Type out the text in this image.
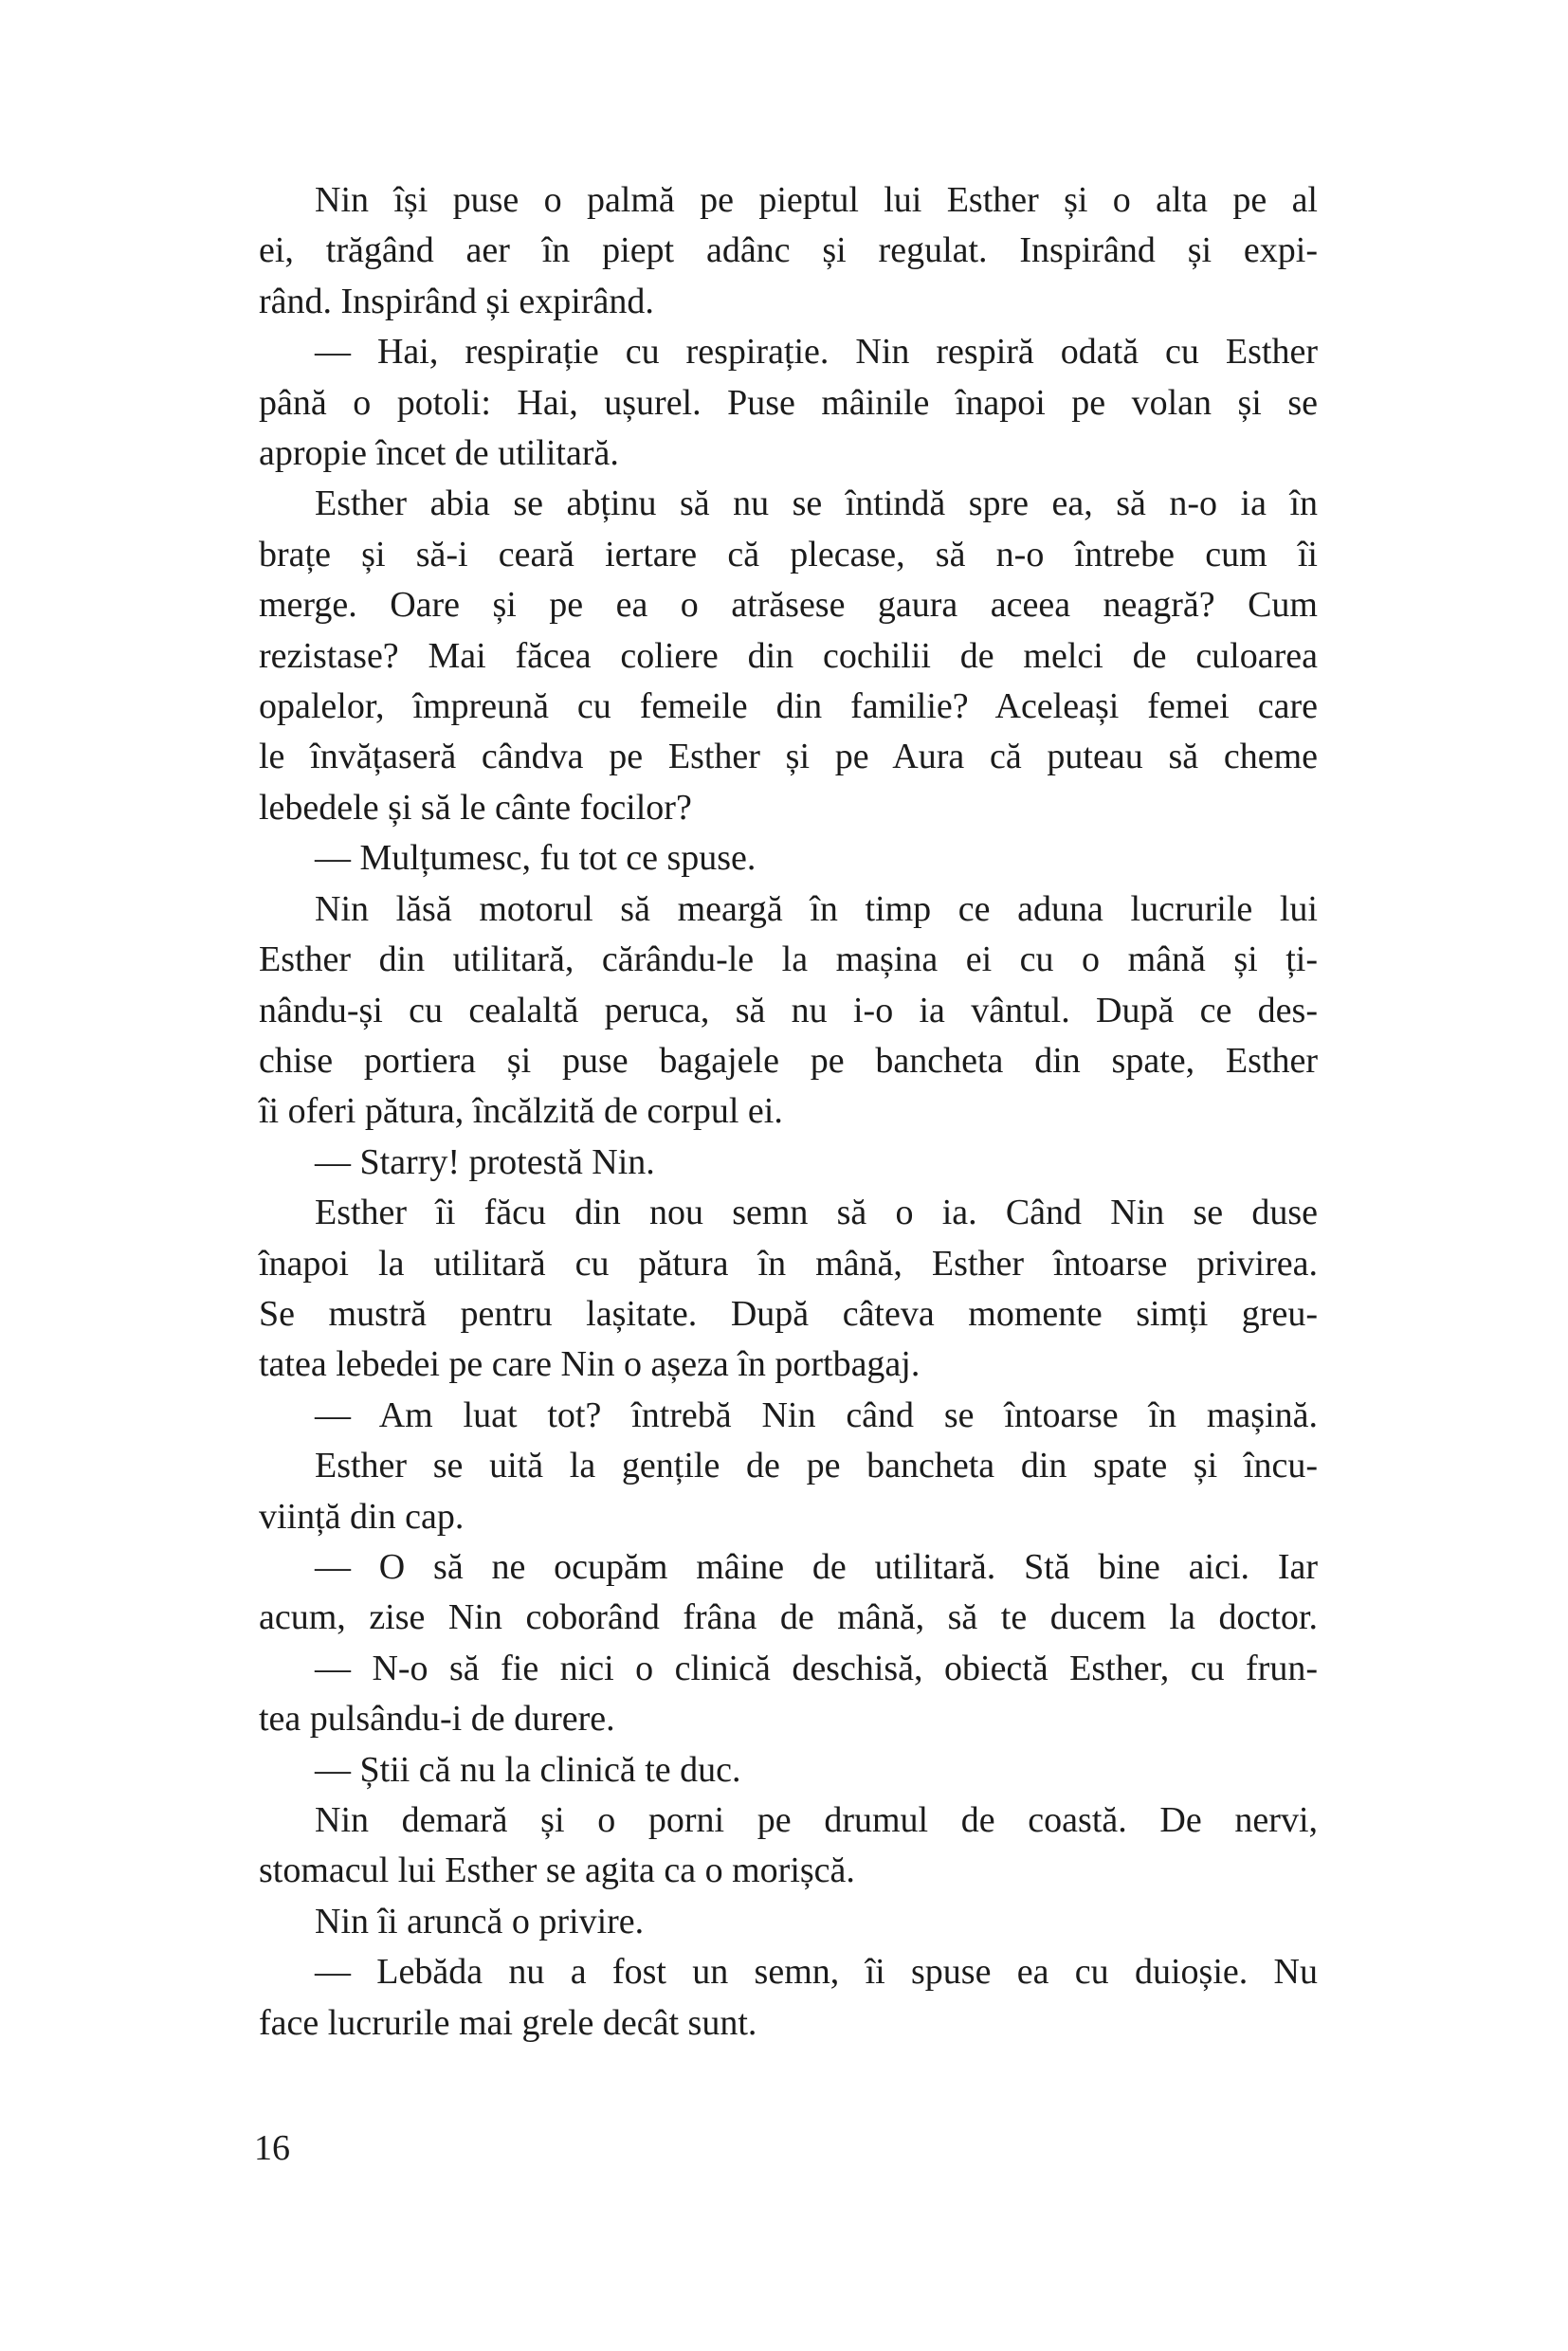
Nin își puse o palmă pe pieptul lui Esther și o alta pe al
ei, trăgând aer în piept adânc și regulat. Inspirând și expi-
rând. Inspirând și expirând.
— Hai, respirație cu respirație. Nin respiră odată cu Esther
până o potoli: Hai, ușurel. Puse mâinile înapoi pe volan și se
apropie încet de utilitară.
Esther abia se abținu să nu se întindă spre ea, să n-o ia în
brațe și să-i ceară iertare că plecase, să n-o întrebe cum îi
merge. Oare și pe ea o atrăsese gaura aceea neagră? Cum
rezistase? Mai făcea coliere din cochilii de melci de culoarea
opalelor, împreună cu femeile din familie? Aceleași femei care
le învățaseră cândva pe Esther și pe Aura că puteau să cheme
lebedele și să le cânte focilor?
— Mulțumesc, fu tot ce spuse.
Nin lăsă motorul să meargă în timp ce aduna lucrurile lui
Esther din utilitară, cărându-le la mașina ei cu o mână și ți-
nându-și cu cealaltă peruca, să nu i-o ia vântul. După ce des-
chise portiera și puse bagajele pe bancheta din spate, Esther
îi oferi pătura, încălzită de corpul ei.
— Starry! protestă Nin.
Esther îi făcu din nou semn să o ia. Când Nin se duse
înapoi la utilitară cu pătura în mână, Esther întoarse privirea.
Se mustră pentru lașitate. După câteva momente simți greu-
tatea lebedei pe care Nin o așeza în portbagaj.
— Am luat tot? întrebă Nin când se întoarse în mașină.
Esther se uită la gențile de pe bancheta din spate și încu-
viință din cap.
— O să ne ocupăm mâine de utilitară. Stă bine aici. Iar
acum, zise Nin coborând frâna de mână, să te ducem la doctor.
— N-o să fie nici o clinică deschisă, obiectă Esther, cu frun-
tea pulsându-i de durere.
— Știi că nu la clinică te duc.
Nin demară și o porni pe drumul de coastă. De nervi,
stomacul lui Esther se agita ca o morișcă.
Nin îi aruncă o privire.
— Lebăda nu a fost un semn, îi spuse ea cu duioșie. Nu
face lucrurile mai grele decât sunt.
16
